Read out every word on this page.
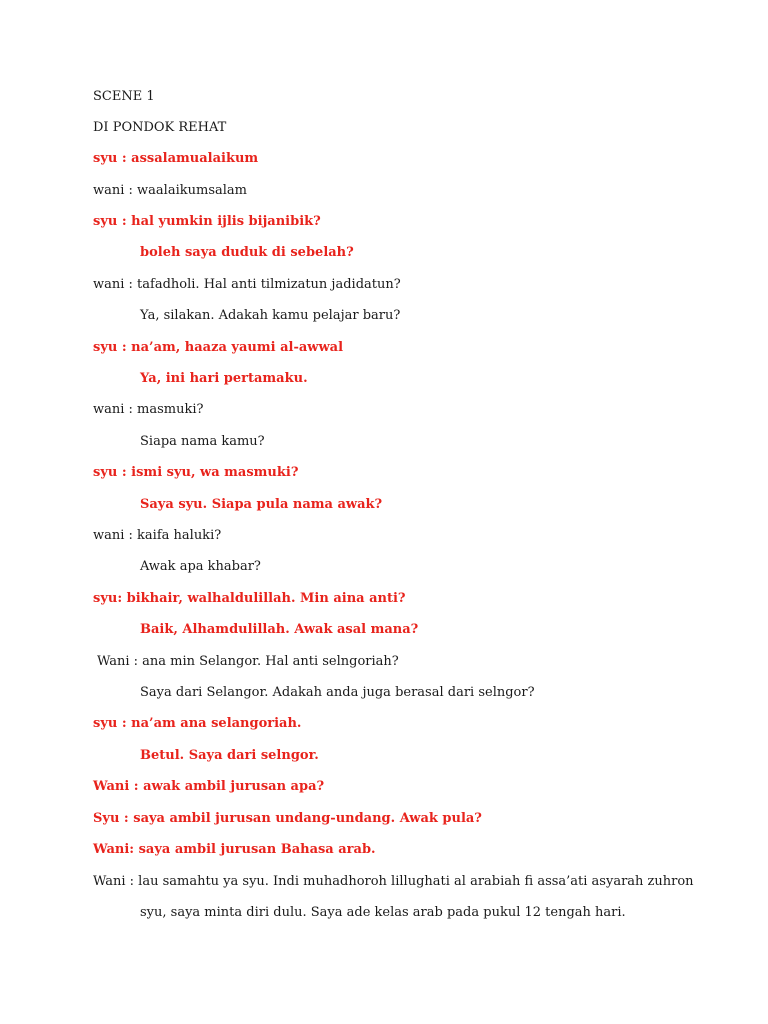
SCENE 1
DI PONDOK REHAT
syu : assalamualaikum
wani : waalaikumsalam
syu : hal yumkin ijlis bijanibik?
boleh saya duduk di sebelah?
wani : tafadholi. Hal anti tilmizatun jadidatun?
Ya, silakan. Adakah kamu pelajar baru?
syu : na’am, haaza yaumi al-awwal
Ya, ini hari pertamaku.
wani : masmuki?
Siapa nama kamu?
syu : ismi syu, wa masmuki?
Saya syu. Siapa pula nama awak?
wani : kaifa haluki?
Awak apa khabar?
syu: bikhair, walhaldulillah. Min aina anti?
Baik, Alhamdulillah. Awak asal mana?
Wani : ana min Selangor. Hal anti selngoriah?
Saya dari Selangor. Adakah anda juga berasal dari selngor?
syu : na’am ana selangoriah.
Betul. Saya dari selngor.
Wani : awak ambil jurusan apa?
Syu : saya ambil jurusan undang-undang. Awak pula?
Wani: saya ambil jurusan Bahasa arab.
Wani : lau samahtu ya syu. Indi muhadhoroh lillughati al arabiah fi assa’ati asyarah zuhron
syu, saya minta diri dulu. Saya ade kelas arab pada pukul 12 tengah hari.
